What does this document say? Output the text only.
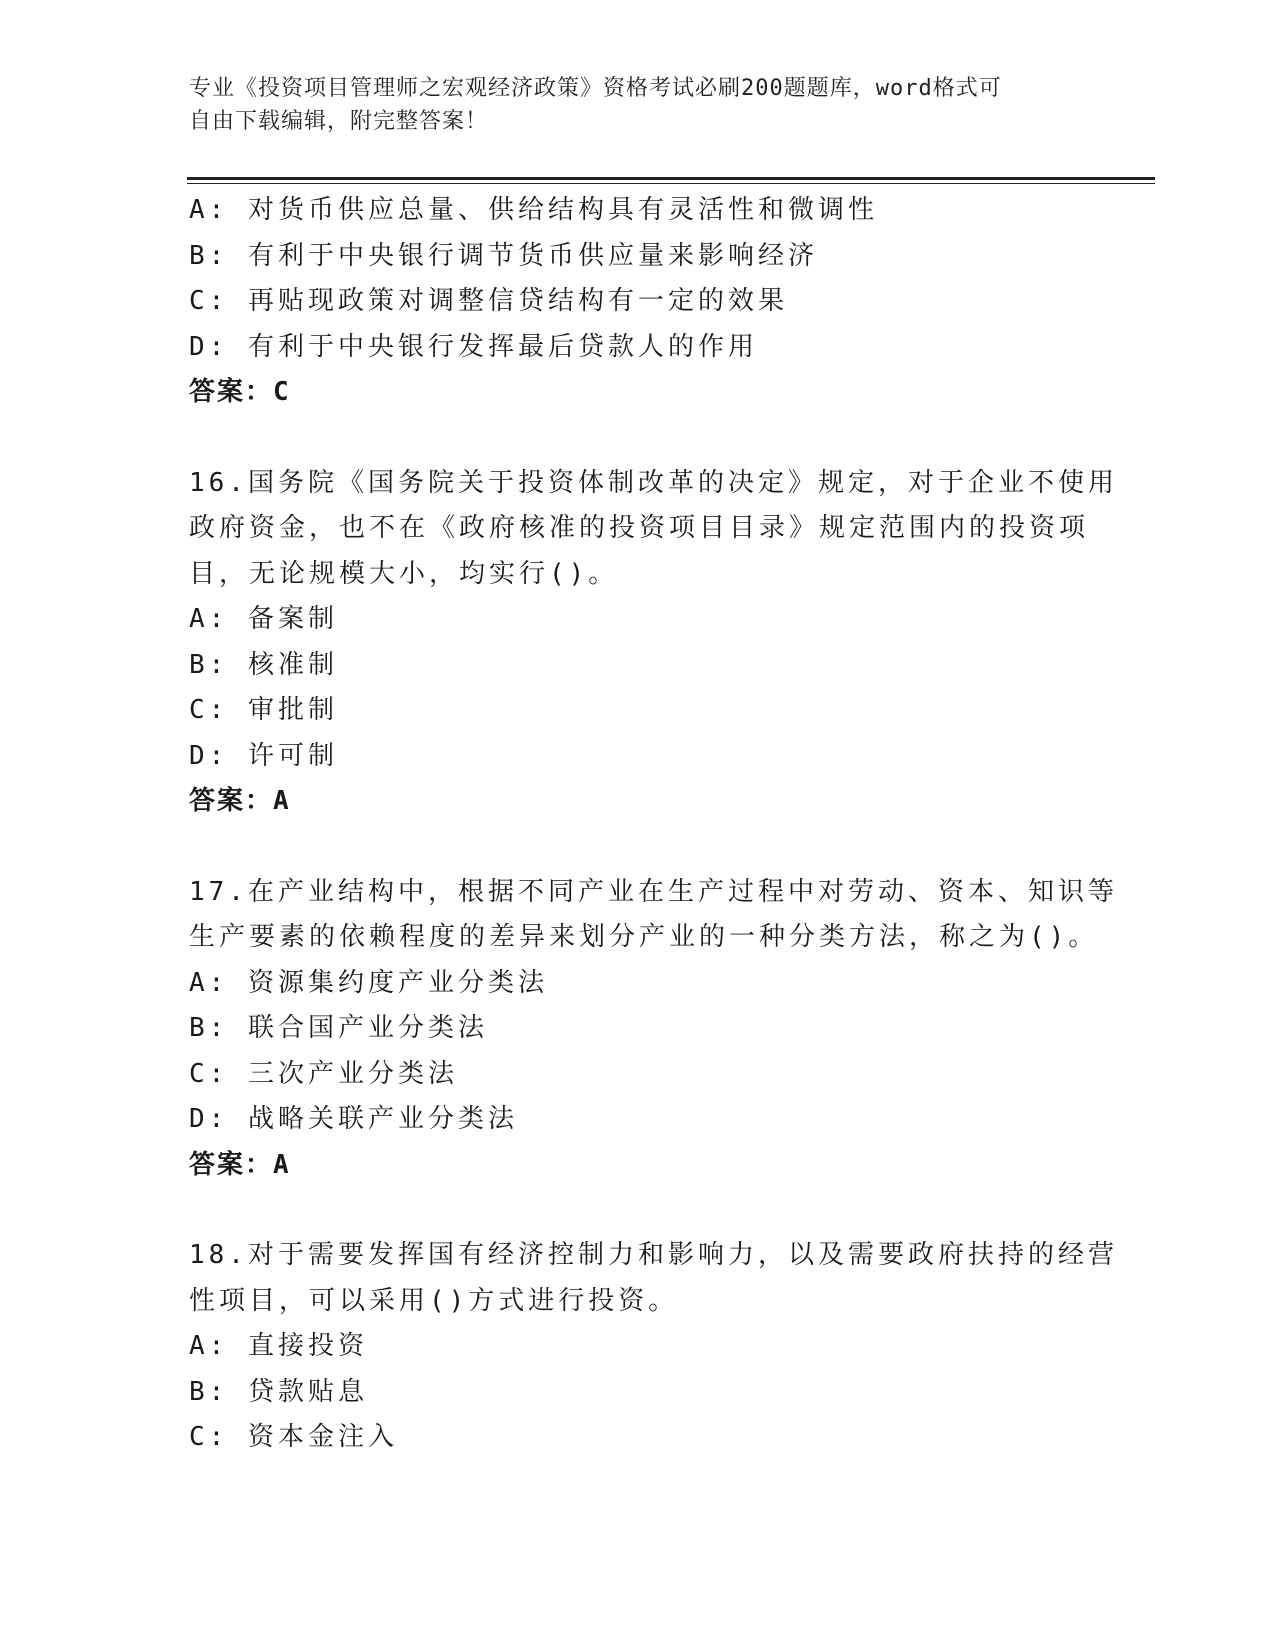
专业《投资项目管理师之宏观经济政策》资格考试必刷200题题库，word格式可
自由下载编辑，附完整答案！
A: 对货币供应总量、供给结构具有灵活性和微调性
B: 有利于中央银行调节货币供应量来影响经济
C: 再贴现政策对调整信贷结构有一定的效果
D: 有利于中央银行发挥最后贷款人的作用
答案：C
16.国务院《国务院关于投资体制改革的决定》规定，对于企业不使用
政府资金，也不在《政府核准的投资项目目录》规定范围内的投资项
目，无论规模大小，均实行()。
A: 备案制
B: 核准制
C: 审批制
D: 许可制
答案：A
17.在产业结构中，根据不同产业在生产过程中对劳动、资本、知识等
生产要素的依赖程度的差异来划分产业的一种分类方法，称之为()。
A: 资源集约度产业分类法
B: 联合国产业分类法
C: 三次产业分类法
D: 战略关联产业分类法
答案：A
18.对于需要发挥国有经济控制力和影响力，以及需要政府扶持的经营
性项目，可以采用()方式进行投资。
A: 直接投资
B: 贷款贴息
C: 资本金注入
